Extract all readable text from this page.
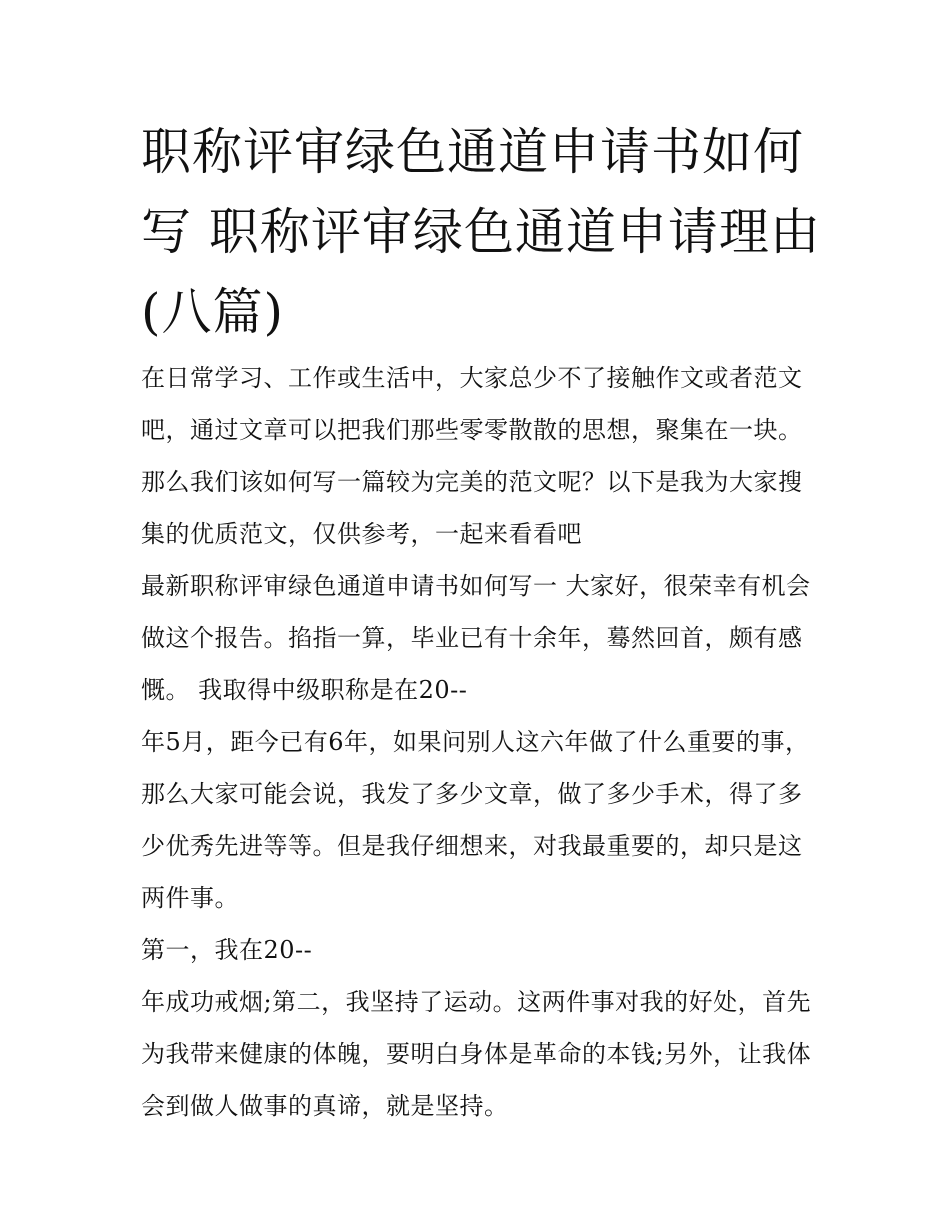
职称评审绿色通道申请书如何写 职称评审绿色通道申请理由(八篇)

在日常学习、工作或生活中，大家总少不了接触作文或者范文吧，通过文章可以把我们那些零零散散的思想，聚集在一块。那么我们该如何写一篇较为完美的范文呢？以下是我为大家搜集的优质范文，仅供参考，一起来看看吧

最新职称评审绿色通道申请书如何写一 大家好，很荣幸有机会做这个报告。掐指一算，毕业已有十余年，蓦然回首，颇有感慨。 我取得中级职称是在20--

年5月，距今已有6年，如果问别人这六年做了什么重要的事，那么大家可能会说，我发了多少文章，做了多少手术，得了多少优秀先进等等。但是我仔细想来，对我最重要的，却只是这两件事。

第一，我在20--

年成功戒烟;第二，我坚持了运动。这两件事对我的好处，首先为我带来健康的体魄，要明白身体是革命的本钱;另外，让我体会到做人做事的真谛，就是坚持。
